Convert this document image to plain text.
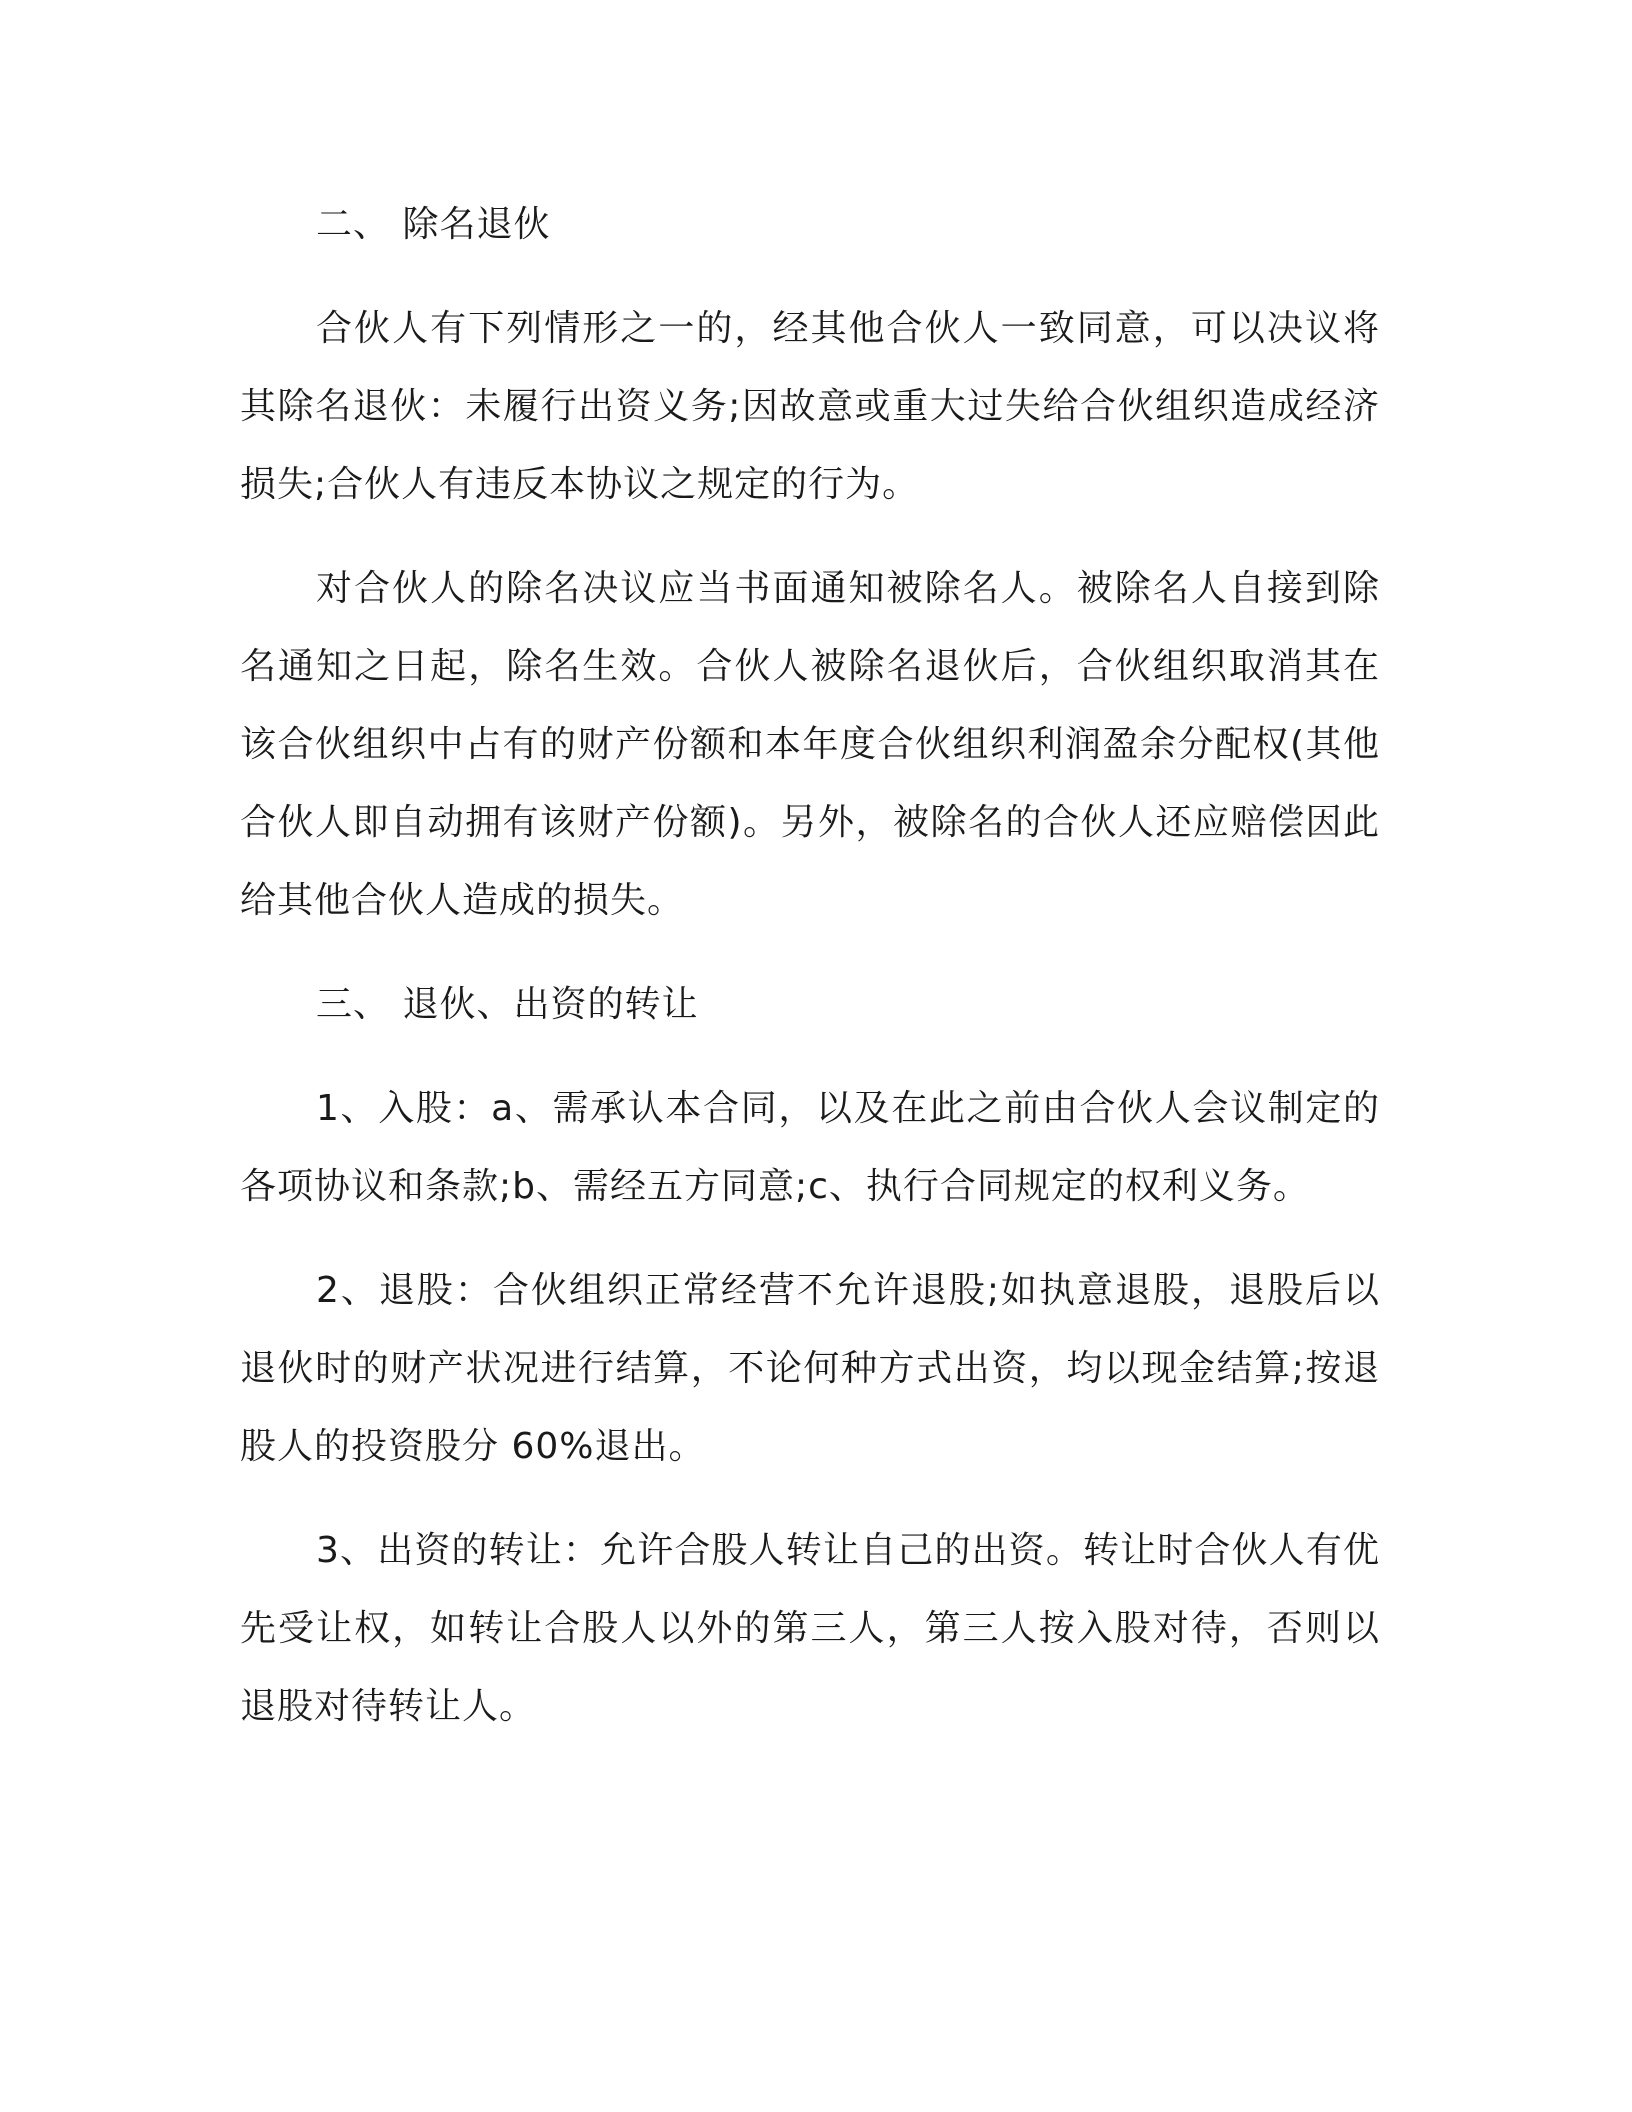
二、 除名退伙

合伙人有下列情形之一的，经其他合伙人一致同意，可以决议将其除名退伙：未履行出资义务;因故意或重大过失给合伙组织造成经济损失;合伙人有违反本协议之规定的行为。

对合伙人的除名决议应当书面通知被除名人。被除名人自接到除名通知之日起，除名生效。合伙人被除名退伙后，合伙组织取消其在该合伙组织中占有的财产份额和本年度合伙组织利润盈余分配权(其他合伙人即自动拥有该财产份额)。另外，被除名的合伙人还应赔偿因此给其他合伙人造成的损失。

三、 退伙、出资的转让

1、入股：a、需承认本合同，以及在此之前由合伙人会议制定的各项协议和条款;b、需经五方同意;c、执行合同规定的权利义务。

2、退股：合伙组织正常经营不允许退股;如执意退股，退股后以退伙时的财产状况进行结算，不论何种方式出资，均以现金结算;按退股人的投资股分 60%退出。

3、出资的转让：允许合股人转让自己的出资。转让时合伙人有优先受让权，如转让合股人以外的第三人，第三人按入股对待，否则以退股对待转让人。
